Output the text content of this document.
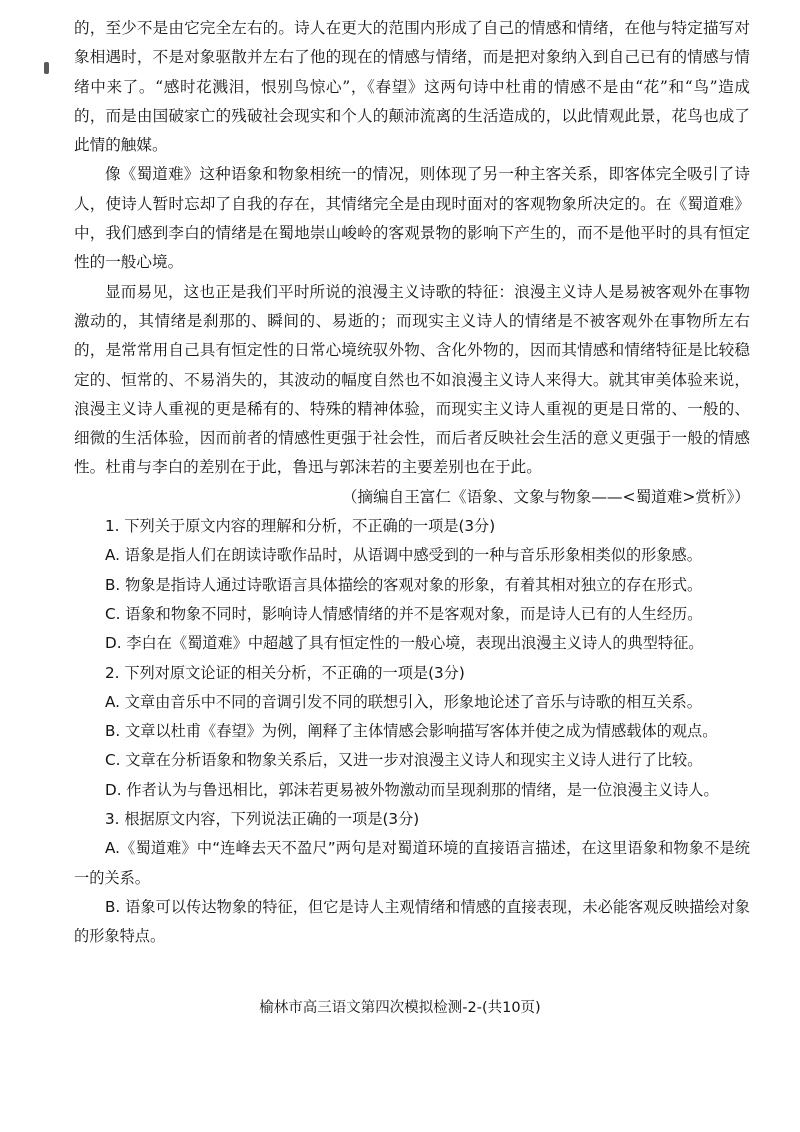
的，至少不是由它完全左右的。诗人在更大的范围内形成了自己的情感和情绪，在他与特定描写对象相遇时，不是对象驱散并左右了他的现在的情感与情绪，而是把对象纳入到自己已有的情感与情绪中来了。“感时花溅泪，恨别鸟惊心”，《春望》这两句诗中杜甫的情感不是由“花”和“鸟”造成的，而是由国破家亡的残破社会现实和个人的颠沛流离的生活造成的，以此情观此景，花鸟也成了此情的触媒。

像《蜀道难》这种语象和物象相统一的情况，则体现了另一种主客关系，即客体完全吸引了诗人，使诗人暂时忘却了自我的存在，其情绪完全是由现时面对的客观物象所决定的。在《蜀道难》中，我们感到李白的情绪是在蜀地崇山峻岭的客观景物的影响下产生的，而不是他平时的具有恒定性的一般心境。

显而易见，这也正是我们平时所说的浪漫主义诗歌的特征：浪漫主义诗人是易被客观外在事物激动的，其情绪是刹那的、瞬间的、易逝的；而现实主义诗人的情绪是不被客观外在事物所左右的，是常常用自己具有恒定性的日常心境统驭外物、含化外物的，因而其情感和情绪特征是比较稳定的、恒常的、不易消失的，其波动的幅度自然也不如浪漫主义诗人来得大。就其审美体验来说，浪漫主义诗人重视的更是稀有的、特殊的精神体验，而现实主义诗人重视的更是日常的、一般的、细微的生活体验，因而前者的情感性更强于社会性，而后者反映社会生活的意义更强于一般的情感性。杜甫与李白的差别在于此，鲁迅与郭沫若的主要差别也在于此。

（摘编自王富仁《语象、文象与物象——<蜀道难>赏析》）

1. 下列关于原文内容的理解和分析，不正确的一项是(3分)

A. 语象是指人们在朗读诗歌作品时，从语调中感受到的一种与音乐形象相类似的形象感。

B. 物象是指诗人通过诗歌语言具体描绘的客观对象的形象，有着其相对独立的存在形式。

C. 语象和物象不同时，影响诗人情感情绪的并不是客观对象，而是诗人已有的人生经历。

D. 李白在《蜀道难》中超越了具有恒定性的一般心境，表现出浪漫主义诗人的典型特征。

2. 下列对原文论证的相关分析，不正确的一项是(3分)

A. 文章由音乐中不同的音调引发不同的联想引入，形象地论述了音乐与诗歌的相互关系。

B. 文章以杜甫《春望》为例，阐释了主体情感会影响描写客体并使之成为情感载体的观点。

C. 文章在分析语象和物象关系后，又进一步对浪漫主义诗人和现实主义诗人进行了比较。

D. 作者认为与鲁迅相比，郭沫若更易被外物激动而呈现刹那的情绪，是一位浪漫主义诗人。

3. 根据原文内容，下列说法正确的一项是(3分)

A.《蜀道难》中“连峰去天不盈尺”两句是对蜀道环境的直接语言描述，在这里语象和物象不是统一的关系。

B. 语象可以传达物象的特征，但它是诗人主观情绪和情感的直接表现，未必能客观反映描绘对象的形象特点。

榆林市高三语文第四次模拟检测-2-(共10页)
